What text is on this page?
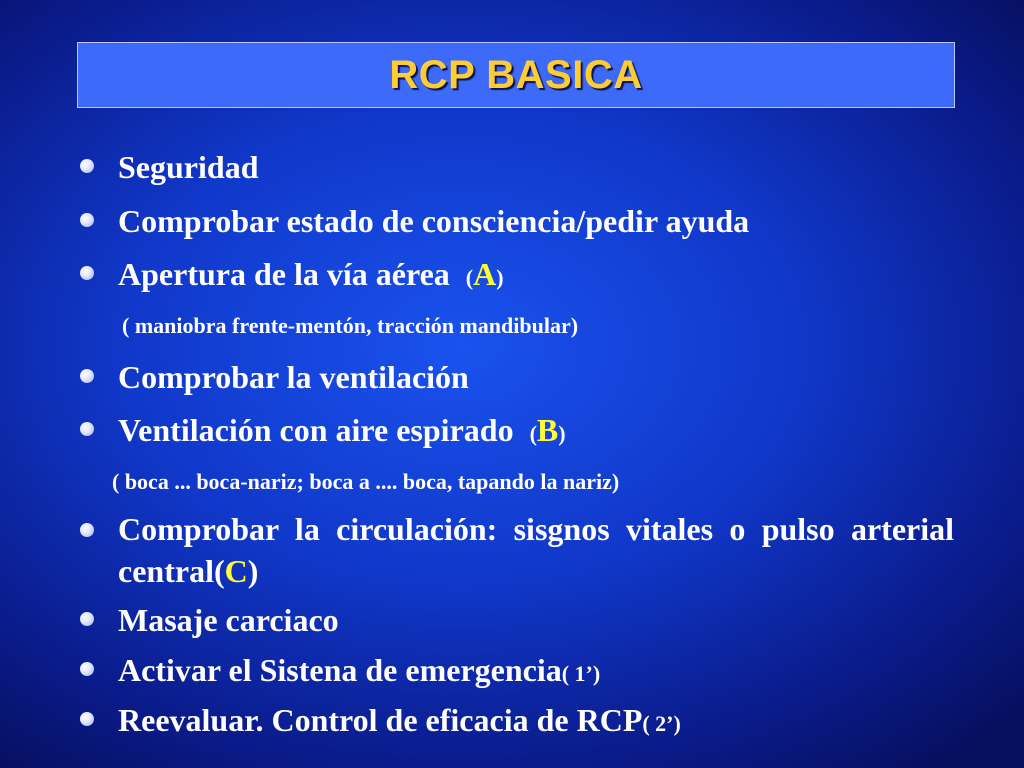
RCP BASICA
Seguridad
Comprobar estado de consciencia/pedir ayuda
Apertura de la vía aérea (A)
( maniobra frente-mentón, tracción mandibular)
Comprobar la ventilación
Ventilación con aire espirado (B)
( boca ... boca-nariz; boca a .... boca, tapando la nariz)
Comprobar la circulación: sisgnos vitales o pulso arterial central(C)
Masaje carciaco
Activar el Sistena de emergencia( 1’)
Reevaluar. Control de eficacia de RCP( 2’)
